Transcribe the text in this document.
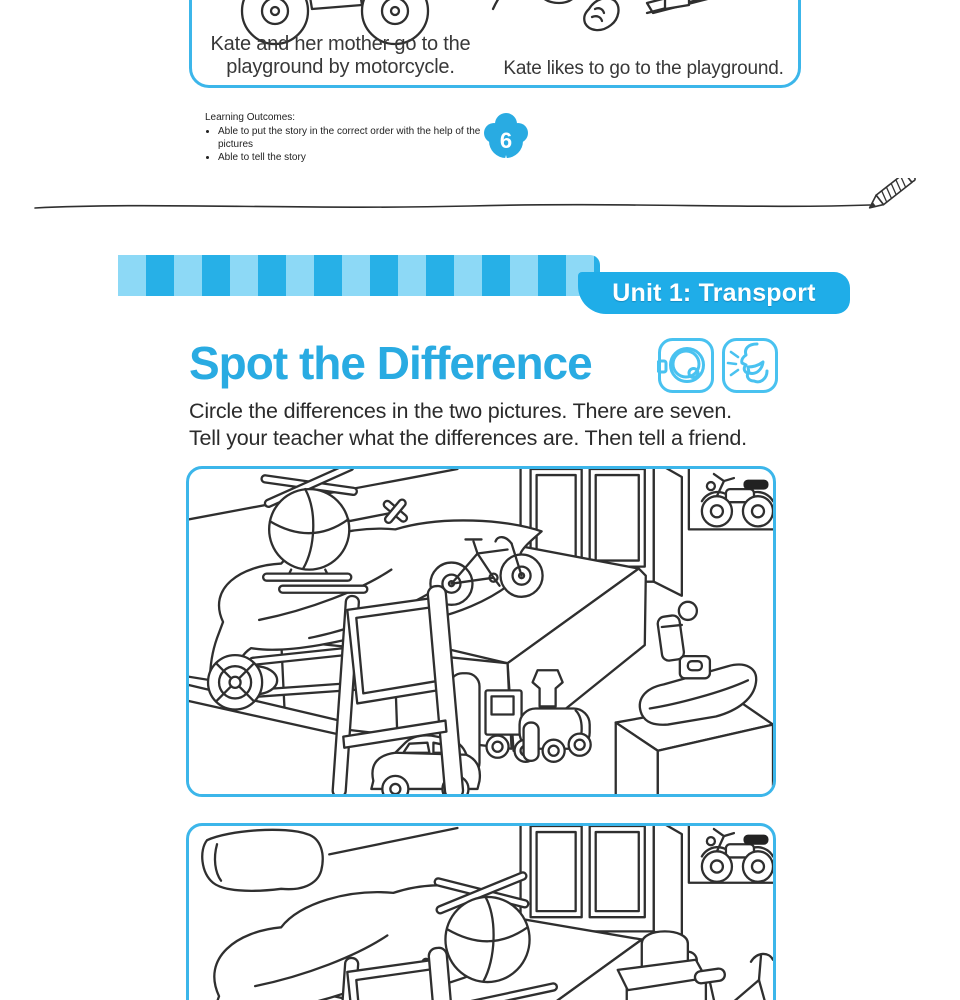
Kate and her mother go to the playground by motorcycle.	Kate likes to go to the playground.
Learning Outcomes:
• Able to put the story in the correct order with the help of the pictures
• Able to tell the story
6
Unit 1: Transport
Spot the Difference
Circle the differences in the two pictures. There are seven.
Tell your teacher what the differences are. Then tell a friend.
